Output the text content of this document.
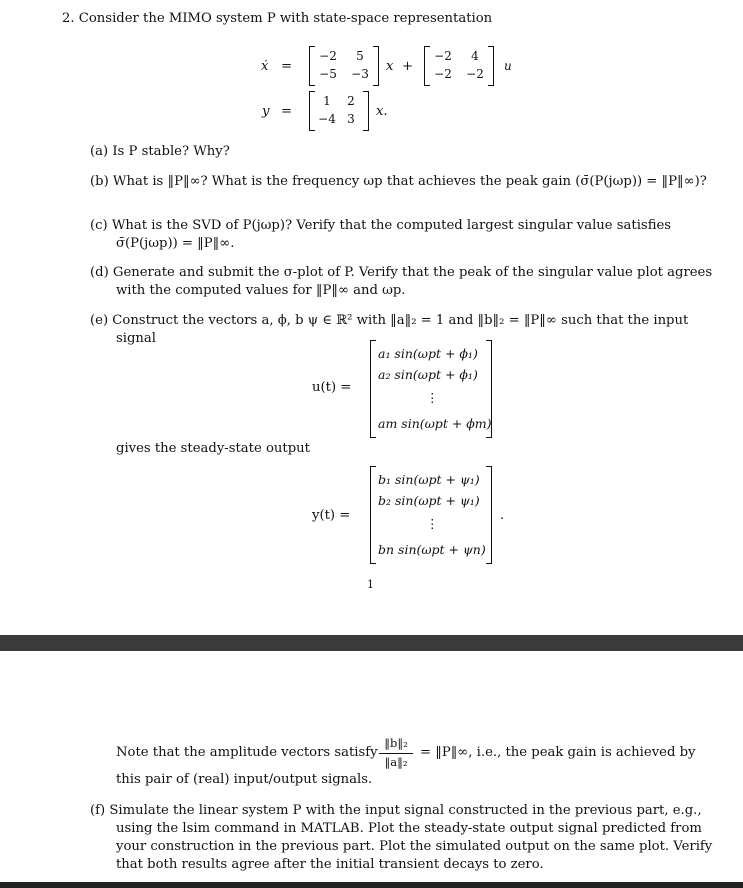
2. Consider the MIMO system P with state-space representation
ẋ =
−2	5
−5	−3	x +
−2	4
−2	−2
u
y =
1	2
−4 3	x.
(a) Is P stable? Why?
(b) What is ‖P‖∞? What is the frequency ωp that achieves the peak gain (σ̄(P(jωp)) = ‖P‖∞)?
(c) What is the SVD of P(jωp)? Verify that the computed largest singular value satisfies
σ̄(P(jωp)) = ‖P‖∞.
(d) Generate and submit the σ-plot of P. Verify that the peak of the singular value plot agrees
with the computed values for ‖P‖∞ and ωp.
(e) Construct the vectors a, ϕ, b ψ ∈ ℝ² with ‖a‖₂ = 1 and ‖b‖₂ = ‖P‖∞ such that the input
signal
u(t) =
a₁ sin(ωpt + ϕ₁)
a₂ sin(ωpt + ϕ₁)
⋮
am sin(ωpt + ϕm)
gives the steady-state output
y(t) =
b₁ sin(ωpt + ψ₁)
b₂ sin(ωpt + ψ₁)
⋮
bn sin(ωpt + ψn)
.
1
Note that the amplitude vectors satisfy
‖b‖₂
‖a‖₂
= ‖P‖∞, i.e., the peak gain is achieved by
this pair of (real) input/output signals.
(f) Simulate the linear system P with the input signal constructed in the previous part, e.g.,
using the lsim command in MATLAB. Plot the steady-state output signal predicted from
your construction in the previous part. Plot the simulated output on the same plot. Verify
that both results agree after the initial transient decays to zero.
